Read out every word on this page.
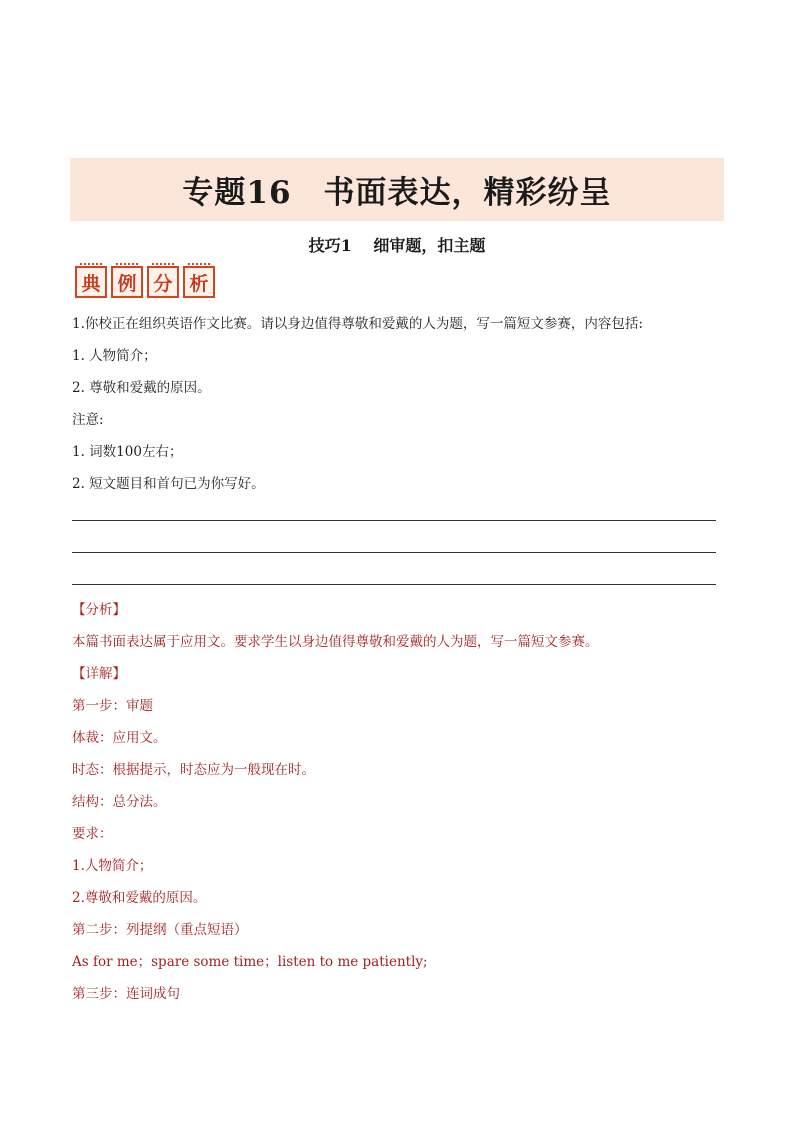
专题16　书面表达，精彩纷呈
技巧1　 细审题，扣主题
典 例 分 析
1.你校正在组织英语作文比赛。请以身边值得尊敬和爱戴的人为题，写一篇短文参赛，内容包括:
1. 人物简介；
2. 尊敬和爱戴的原因。
注意:
1. 词数100左右；
2. 短文题目和首句已为你写好。
【分析】
本篇书面表达属于应用文。要求学生以身边值得尊敬和爱戴的人为题，写一篇短文参赛。
【详解】
第一步：审题
体裁：应用文。
时态：根据提示，时态应为一般现在时。
结构：总分法。
要求：
1.人物简介；
2.尊敬和爱戴的原因。
第二步：列提纲（重点短语）
As for me；spare some time；listen to me patiently;
第三步：连词成句
